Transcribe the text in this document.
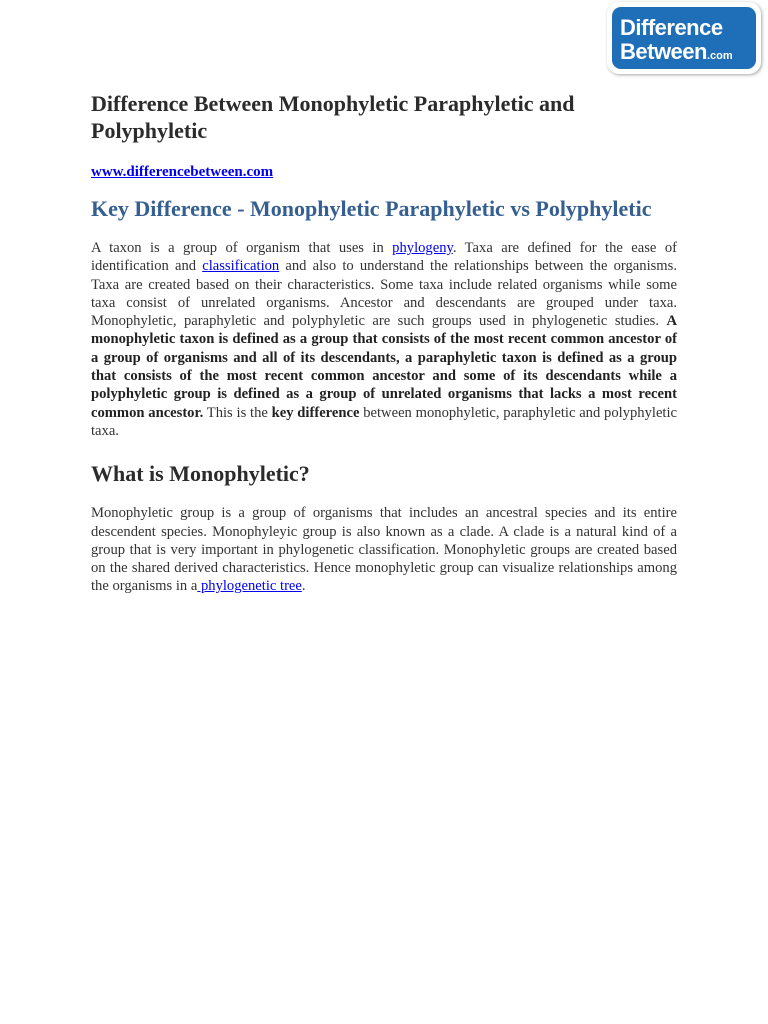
Difference
Between.com
Difference Between Monophyletic Paraphyletic and Polyphyletic
www.differencebetween.com
Key Difference - Monophyletic Paraphyletic vs Polyphyletic

A taxon is a group of organism that uses in phylogeny. Taxa are defined for the ease of identification and classification and also to understand the relationships between the organisms. Taxa are created based on their characteristics. Some taxa include related organisms while some taxa consist of unrelated organisms. Ancestor and descendants are grouped under taxa. Monophyletic, paraphyletic and polyphyletic are such groups used in phylogenetic studies. A monophyletic taxon is defined as a group that consists of the most recent common ancestor of a group of organisms and all of its descendants, a paraphyletic taxon is defined as a group that consists of the most recent common ancestor and some of its descendants while a polyphyletic group is defined as a group of unrelated organisms that lacks a most recent common ancestor. This is the key difference between monophyletic, paraphyletic and polyphyletic taxa.

What is Monophyletic?

Monophyletic group is a group of organisms that includes an ancestral species and its entire descendent species. Monophyleyic group is also known as a clade. A clade is a natural kind of a group that is very important in phylogenetic classification. Monophyletic groups are created based on the shared derived characteristics. Hence monophyletic group can visualize relationships among the organisms in a phylogenetic tree.
